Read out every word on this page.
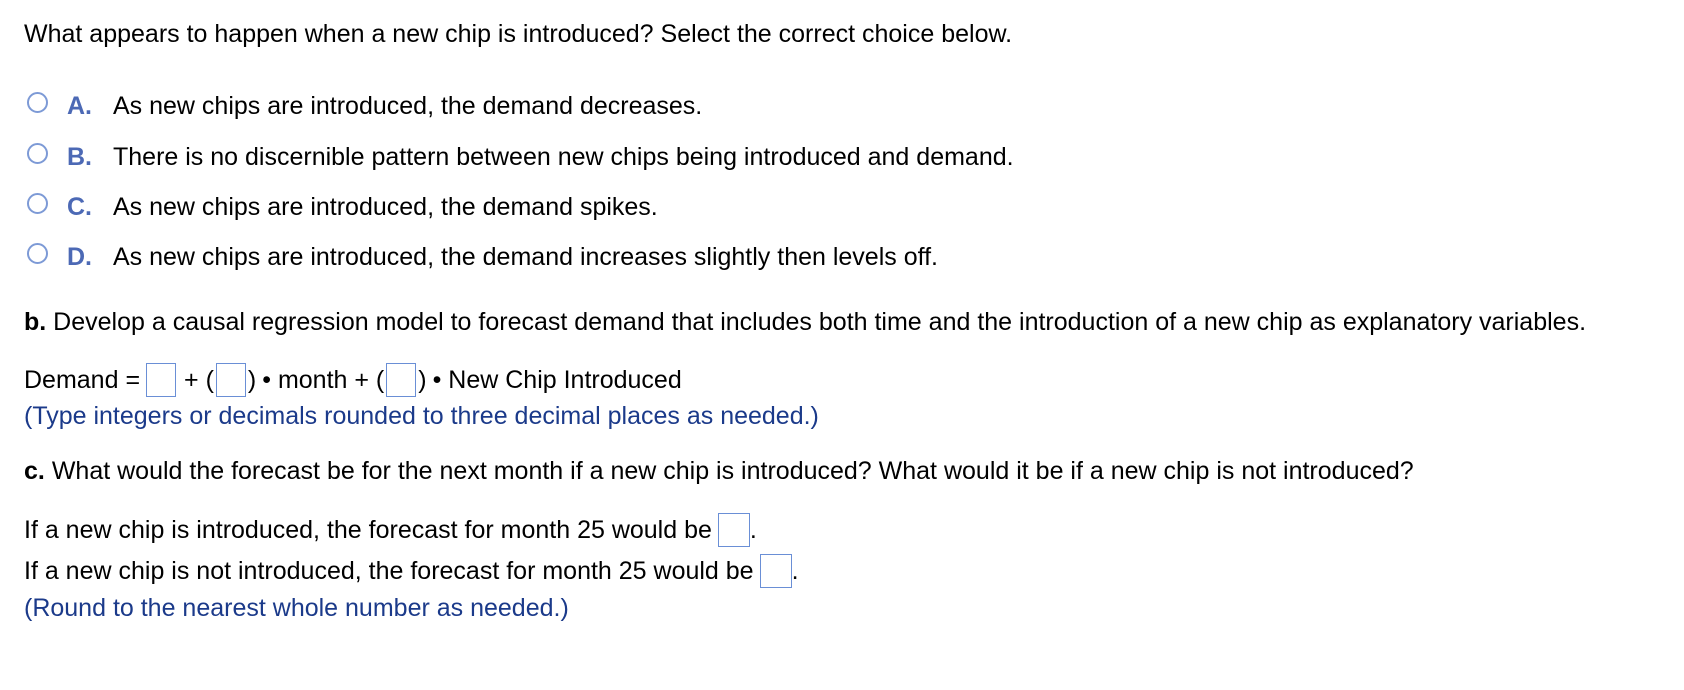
What appears to happen when a new chip is introduced? Select the correct choice below.
A. As new chips are introduced, the demand decreases.
B. There is no discernible pattern between new chips being introduced and demand.
C. As new chips are introduced, the demand spikes.
D. As new chips are introduced, the demand increases slightly then levels off.
b. Develop a causal regression model to forecast demand that includes both time and the introduction of a new chip as explanatory variables.
Demand = + ( ) • month + ( ) • New Chip Introduced
(Type integers or decimals rounded to three decimal places as needed.)
c. What would the forecast be for the next month if a new chip is introduced? What would it be if a new chip is not introduced?
If a new chip is introduced, the forecast for month 25 would be .
If a new chip is not introduced, the forecast for month 25 would be .
(Round to the nearest whole number as needed.)
